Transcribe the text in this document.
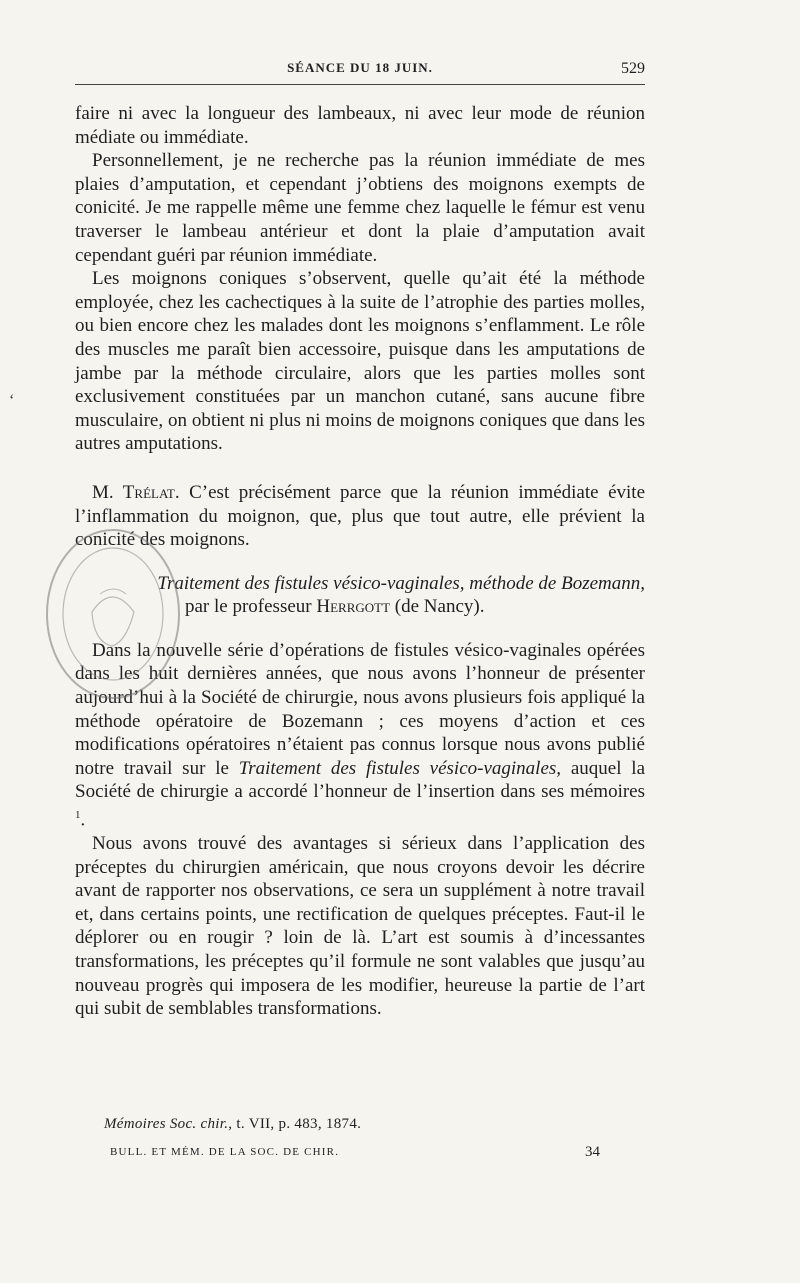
SÉANCE DU 18 JUIN.	529
ʻ

faire ni avec la longueur des lambeaux, ni avec leur mode de réunion médiate ou immédiate.

Personnellement, je ne recherche pas la réunion immédiate de mes plaies d’amputation, et cependant j’obtiens des moignons exempts de conicité. Je me rappelle même une femme chez laquelle le fémur est venu traverser le lambeau antérieur et dont la plaie d’amputation avait cependant guéri par réunion immédiate.

Les moignons coniques s’observent, quelle qu’ait été la méthode employée, chez les cachectiques à la suite de l’atrophie des parties molles, ou bien encore chez les malades dont les moignons s’enflamment. Le rôle des muscles me paraît bien accessoire, puisque dans les amputations de jambe par la méthode circulaire, alors que les parties molles sont exclusivement constituées par un manchon cutané, sans aucune fibre musculaire, on obtient ni plus ni moins de moignons coniques que dans les autres amputations.

M. Trélat. C’est précisément parce que la réunion immédiate évite l’inflammation du moignon, que, plus que tout autre, elle prévient la conicité des moignons.

Traitement des fistules vésico-vaginales, méthode de Bozemann,
par le professeur Herrgott (de Nancy).

Dans la nouvelle série d’opérations de fistules vésico-vaginales opérées dans les huit dernières années, que nous avons l’honneur de présenter aujourd’hui à la Société de chirurgie, nous avons plusieurs fois appliqué la méthode opératoire de Bozemann ; ces moyens d’action et ces modifications opératoires n’étaient pas connus lorsque nous avons publié notre travail sur le Traitement des fistules vésico-vaginales, auquel la Société de chirurgie a accordé l’honneur de l’insertion dans ses mémoires $^1$.

Nous avons trouvé des avantages si sérieux dans l’application des préceptes du chirurgien américain, que nous croyons devoir les décrire avant de rapporter nos observations, ce sera un supplément à notre travail et, dans certains points, une rectification de quelques préceptes. Faut-il le déplorer ou en rougir ? loin de là. L’art est soumis à d’incessantes transformations, les préceptes qu’il formule ne sont valables que jusqu’au nouveau progrès qui imposera de les modifier, heureuse la partie de l’art qui subit de semblables transformations.

Mémoires Soc. chir., t. VII, p. 483, 1874.
BULL. ET MÉM. DE LA SOC. DE CHIR.	34
